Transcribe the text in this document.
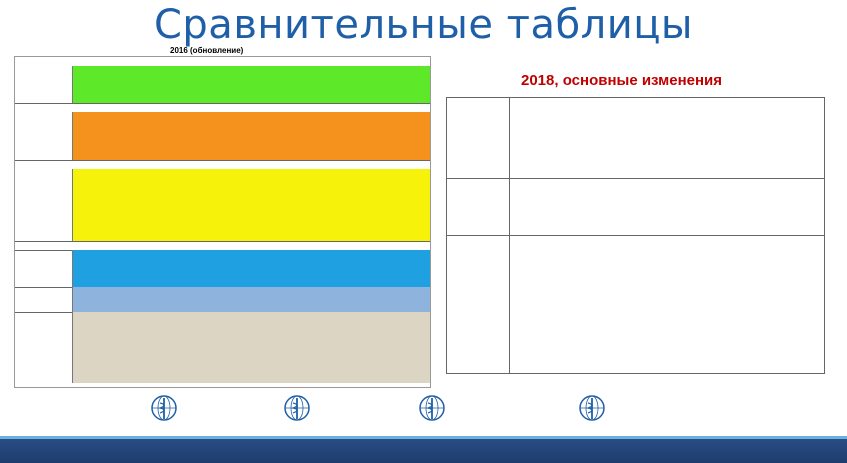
Сравнительные таблицы
2016 (обновление)
2018, основные изменения
